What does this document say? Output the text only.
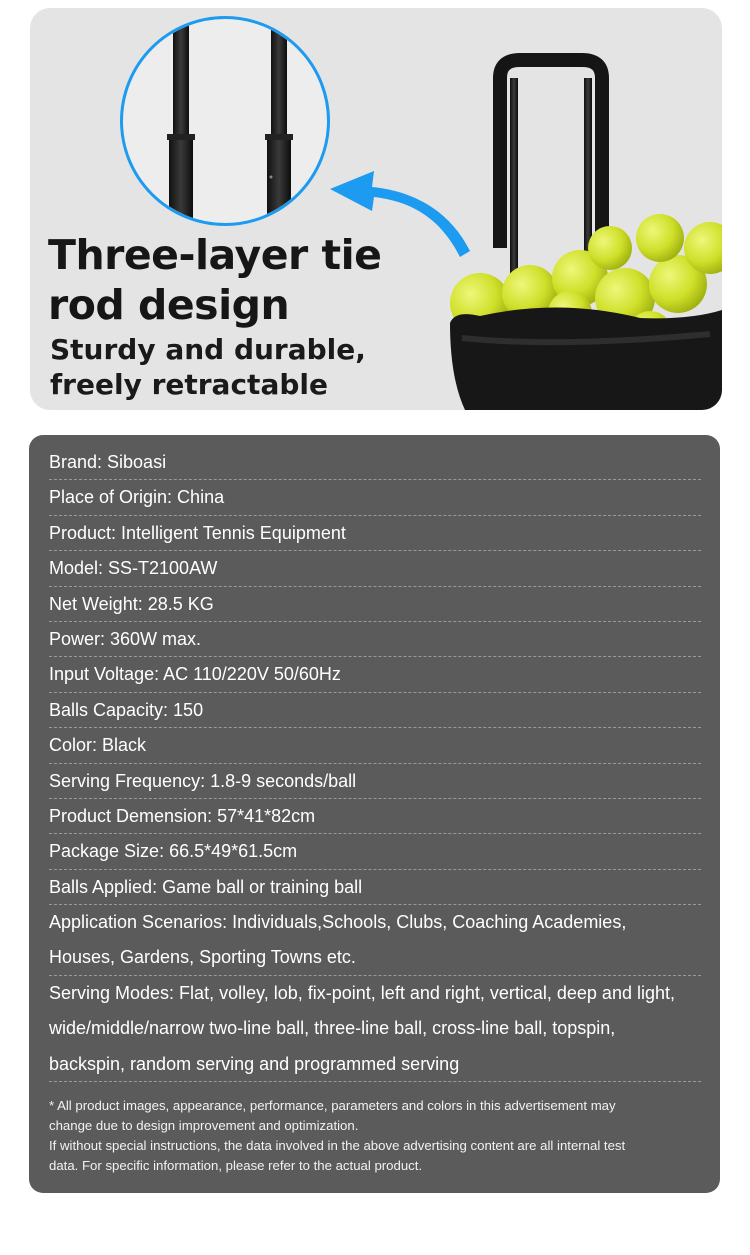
Three-layer tie
rod design

Sturdy and durable,
freely retractable

Brand: Siboasi
Place of Origin: China
Product: Intelligent Tennis Equipment
Model: SS-T2100AW
Net Weight: 28.5 KG
Power: 360W max.
Input Voltage: AC 110/220V 50/60Hz
Balls Capacity: 150
Color: Black
Serving Frequency: 1.8-9 seconds/ball
Product Demension: 57*41*82cm
Package Size: 66.5*49*61.5cm
Balls Applied: Game ball or training ball
Application Scenarios: Individuals,Schools, Clubs, Coaching Academies,
Houses, Gardens, Sporting Towns etc.
Serving Modes: Flat, volley, lob, fix-point, left and right, vertical, deep and light,
wide/middle/narrow two-line ball, three-line ball, cross-line ball, topspin,
backspin, random serving and programmed serving

* All product images, appearance, performance, parameters and colors in this advertisement may

change due to design improvement and optimization.

If without special instructions, the data involved in the above advertising content are all internal test

data. For specific information, please refer to the actual product.
